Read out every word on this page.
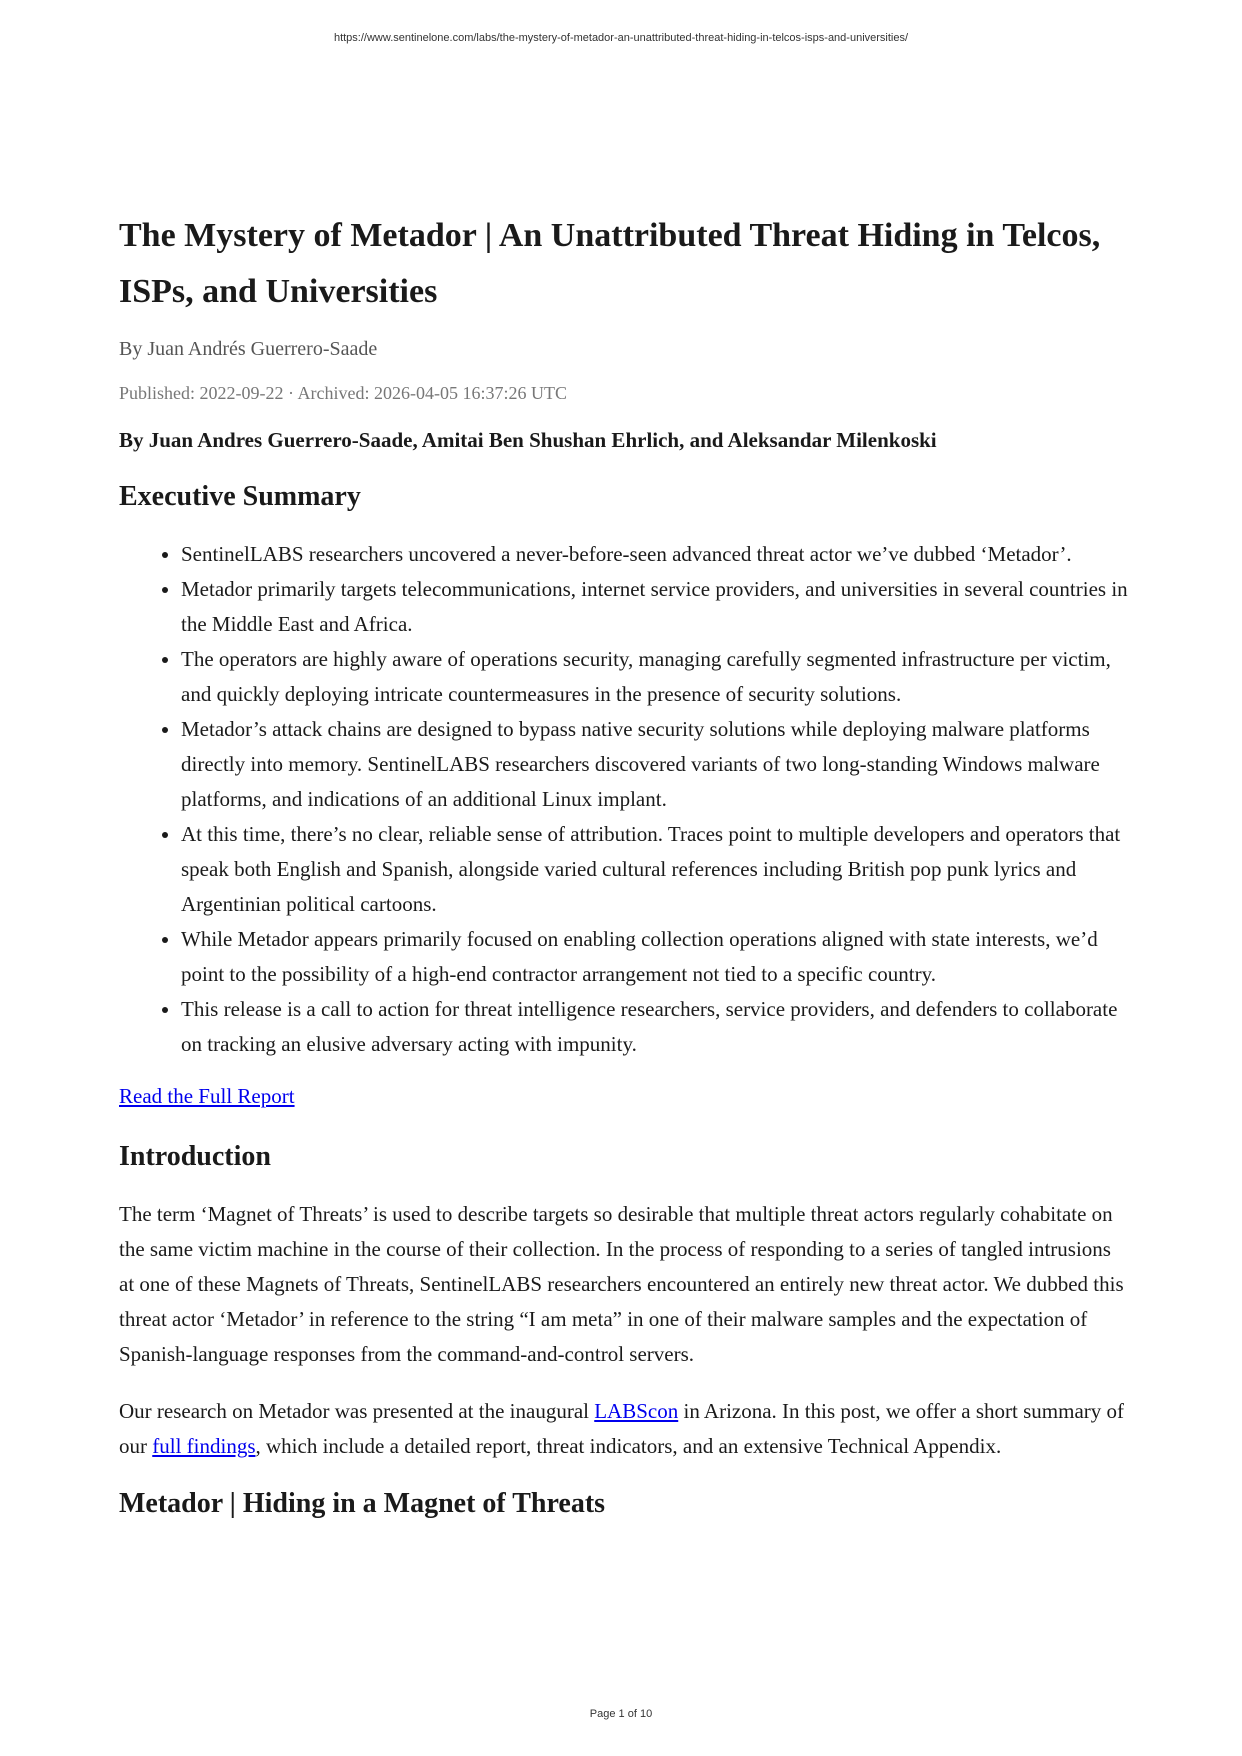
https://www.sentinelone.com/labs/the-mystery-of-metador-an-unattributed-threat-hiding-in-telcos-isps-and-universities/
The Mystery of Metador | An Unattributed Threat Hiding in Telcos, ISPs, and Universities
By Juan Andrés Guerrero-Saade
Published: 2022-09-22 · Archived: 2026-04-05 16:37:26 UTC
By Juan Andres Guerrero-Saade, Amitai Ben Shushan Ehrlich, and Aleksandar Milenkoski
Executive Summary
• SentinelLABS researchers uncovered a never-before-seen advanced threat actor we’ve dubbed ‘Metador’.
• Metador primarily targets telecommunications, internet service providers, and universities in several countries in the Middle East and Africa.
• The operators are highly aware of operations security, managing carefully segmented infrastructure per victim, and quickly deploying intricate countermeasures in the presence of security solutions.
• Metador’s attack chains are designed to bypass native security solutions while deploying malware platforms directly into memory. SentinelLABS researchers discovered variants of two long-standing Windows malware platforms, and indications of an additional Linux implant.
• At this time, there’s no clear, reliable sense of attribution. Traces point to multiple developers and operators that speak both English and Spanish, alongside varied cultural references including British pop punk lyrics and Argentinian political cartoons.
• While Metador appears primarily focused on enabling collection operations aligned with state interests, we’d point to the possibility of a high-end contractor arrangement not tied to a specific country.
• This release is a call to action for threat intelligence researchers, service providers, and defenders to collaborate on tracking an elusive adversary acting with impunity.
Read the Full Report
Introduction

The term ‘Magnet of Threats’ is used to describe targets so desirable that multiple threat actors regularly cohabitate on the same victim machine in the course of their collection. In the process of responding to a series of tangled intrusions at one of these Magnets of Threats, SentinelLABS researchers encountered an entirely new threat actor. We dubbed this threat actor ‘Metador’ in reference to the string “I am meta” in one of their malware samples and the expectation of Spanish-language responses from the command-and-control servers.

Our research on Metador was presented at the inaugural LABScon in Arizona. In this post, we offer a short summary of our full findings, which include a detailed report, threat indicators, and an extensive Technical Appendix.

Metador | Hiding in a Magnet of Threats
Page 1 of 10
